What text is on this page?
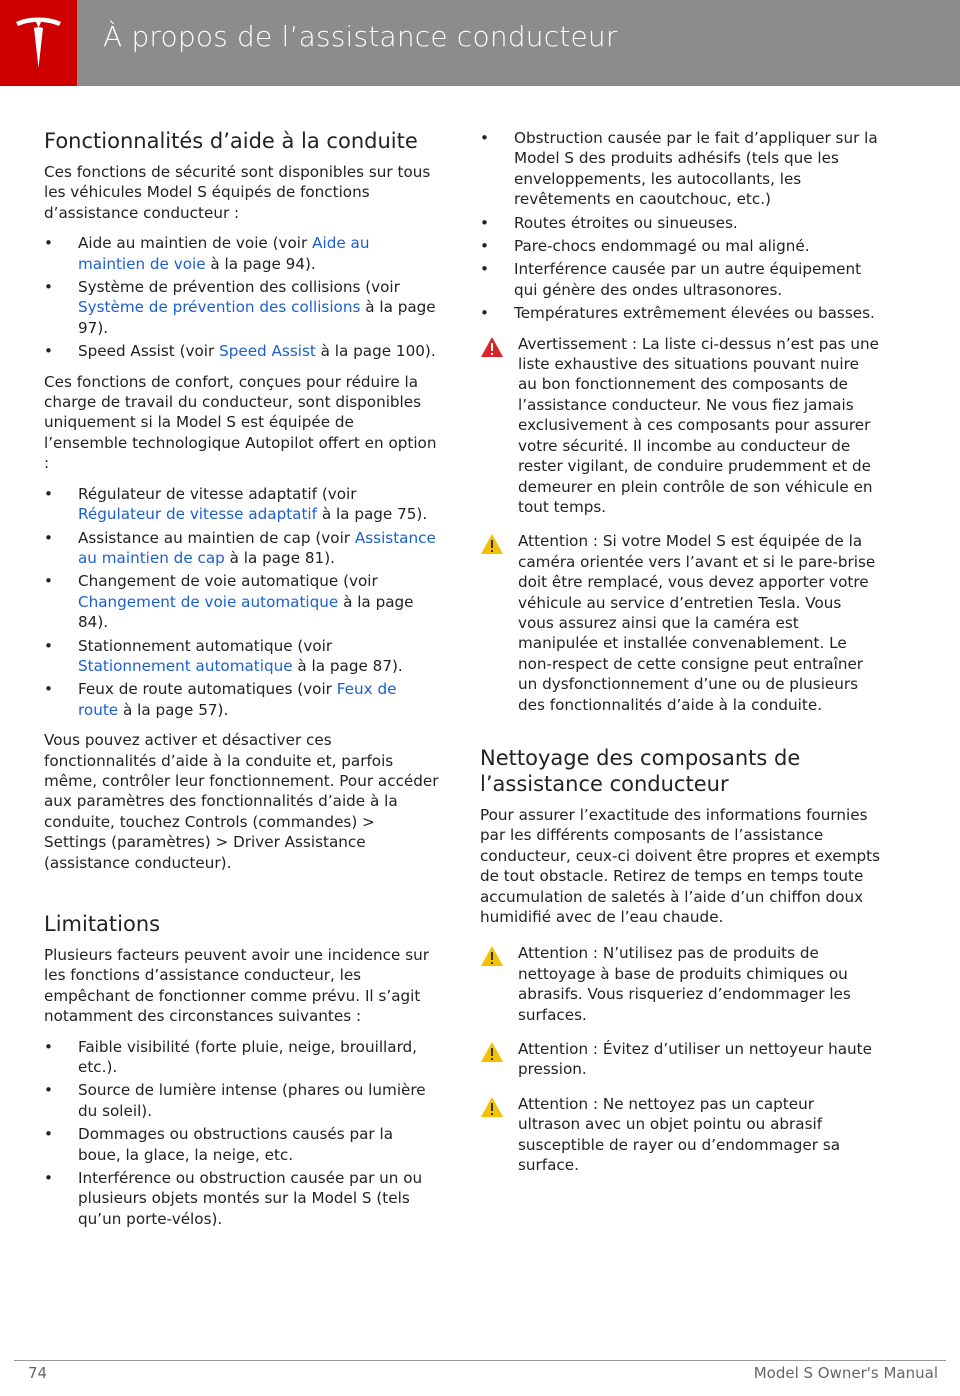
À propos de l’assistance conducteur
Fonctionnalités d’aide à la conduite

Ces fonctions de sécurité sont disponibles sur tous les véhicules Model S équipés de fonctions d’assistance conducteur :

• Aide au maintien de voie (voir Aide au maintien de voie à la page 94).
• Système de prévention des collisions (voir Système de prévention des collisions à la page 97).
• Speed Assist (voir Speed Assist à la page 100).

Ces fonctions de confort, conçues pour réduire la charge de travail du conducteur, sont disponibles uniquement si la Model S est équipée de l’ensemble technologique Autopilot offert en option :

• Régulateur de vitesse adaptatif (voir Régulateur de vitesse adaptatif à la page 75).
• Assistance au maintien de cap (voir Assistance au maintien de cap à la page 81).
• Changement de voie automatique (voir Changement de voie automatique à la page 84).
• Stationnement automatique (voir Stationnement automatique à la page 87).
• Feux de route automatiques (voir Feux de route à la page 57).

Vous pouvez activer et désactiver ces fonctionnalités d’aide à la conduite et, parfois même, contrôler leur fonctionnement. Pour accéder aux paramètres des fonctionnalités d’aide à la conduite, touchez Controls (commandes) > Settings (paramètres) > Driver Assistance (assistance conducteur).

Limitations

Plusieurs facteurs peuvent avoir une incidence sur les fonctions d’assistance conducteur, les empêchant de fonctionner comme prévu. Il s’agit notamment des circonstances suivantes :

• Faible visibilité (forte pluie, neige, brouillard, etc.).
• Source de lumière intense (phares ou lumière du soleil).
• Dommages ou obstructions causés par la boue, la glace, la neige, etc.
• Interférence ou obstruction causée par un ou plusieurs objets montés sur la Model S (tels qu’un porte-vélos).
• Obstruction causée par le fait d’appliquer sur la Model S des produits adhésifs (tels que les enveloppements, les autocollants, les revêtements en caoutchouc, etc.)
• Routes étroites ou sinueuses.
• Pare-chocs endommagé ou mal aligné.
• Interférence causée par un autre équipement qui génère des ondes ultrasonores.
• Températures extrêmement élevées ou basses.
Avertissement : La liste ci-dessus n’est pas une liste exhaustive des situations pouvant nuire au bon fonctionnement des composants de l’assistance conducteur. Ne vous fiez jamais exclusivement à ces composants pour assurer votre sécurité. Il incombe au conducteur de rester vigilant, de conduire prudemment et de demeurer en plein contrôle de son véhicule en tout temps.
Attention : Si votre Model S est équipée de la caméra orientée vers l’avant et si le pare-brise doit être remplacé, vous devez apporter votre véhicule au service d’entretien Tesla. Vous vous assurez ainsi que la caméra est manipulée et installée convenablement. Le non-respect de cette consigne peut entraîner un dysfonctionnement d’une ou de plusieurs des fonctionnalités d’aide à la conduite.
Nettoyage des composants de l’assistance conducteur

Pour assurer l’exactitude des informations fournies par les différents composants de l’assistance conducteur, ceux-ci doivent être propres et exempts de tout obstacle. Retirez de temps en temps toute accumulation de saletés à l’aide d’un chiffon doux humidifié avec de l’eau chaude.

Attention : N’utilisez pas de produits de nettoyage à base de produits chimiques ou abrasifs. Vous risqueriez d’endommager les surfaces.
Attention : Évitez d’utiliser un nettoyeur haute pression.
Attention : Ne nettoyez pas un capteur ultrason avec un objet pointu ou abrasif susceptible de rayer ou d’endommager sa surface.
74	Model S Owner's Manual
